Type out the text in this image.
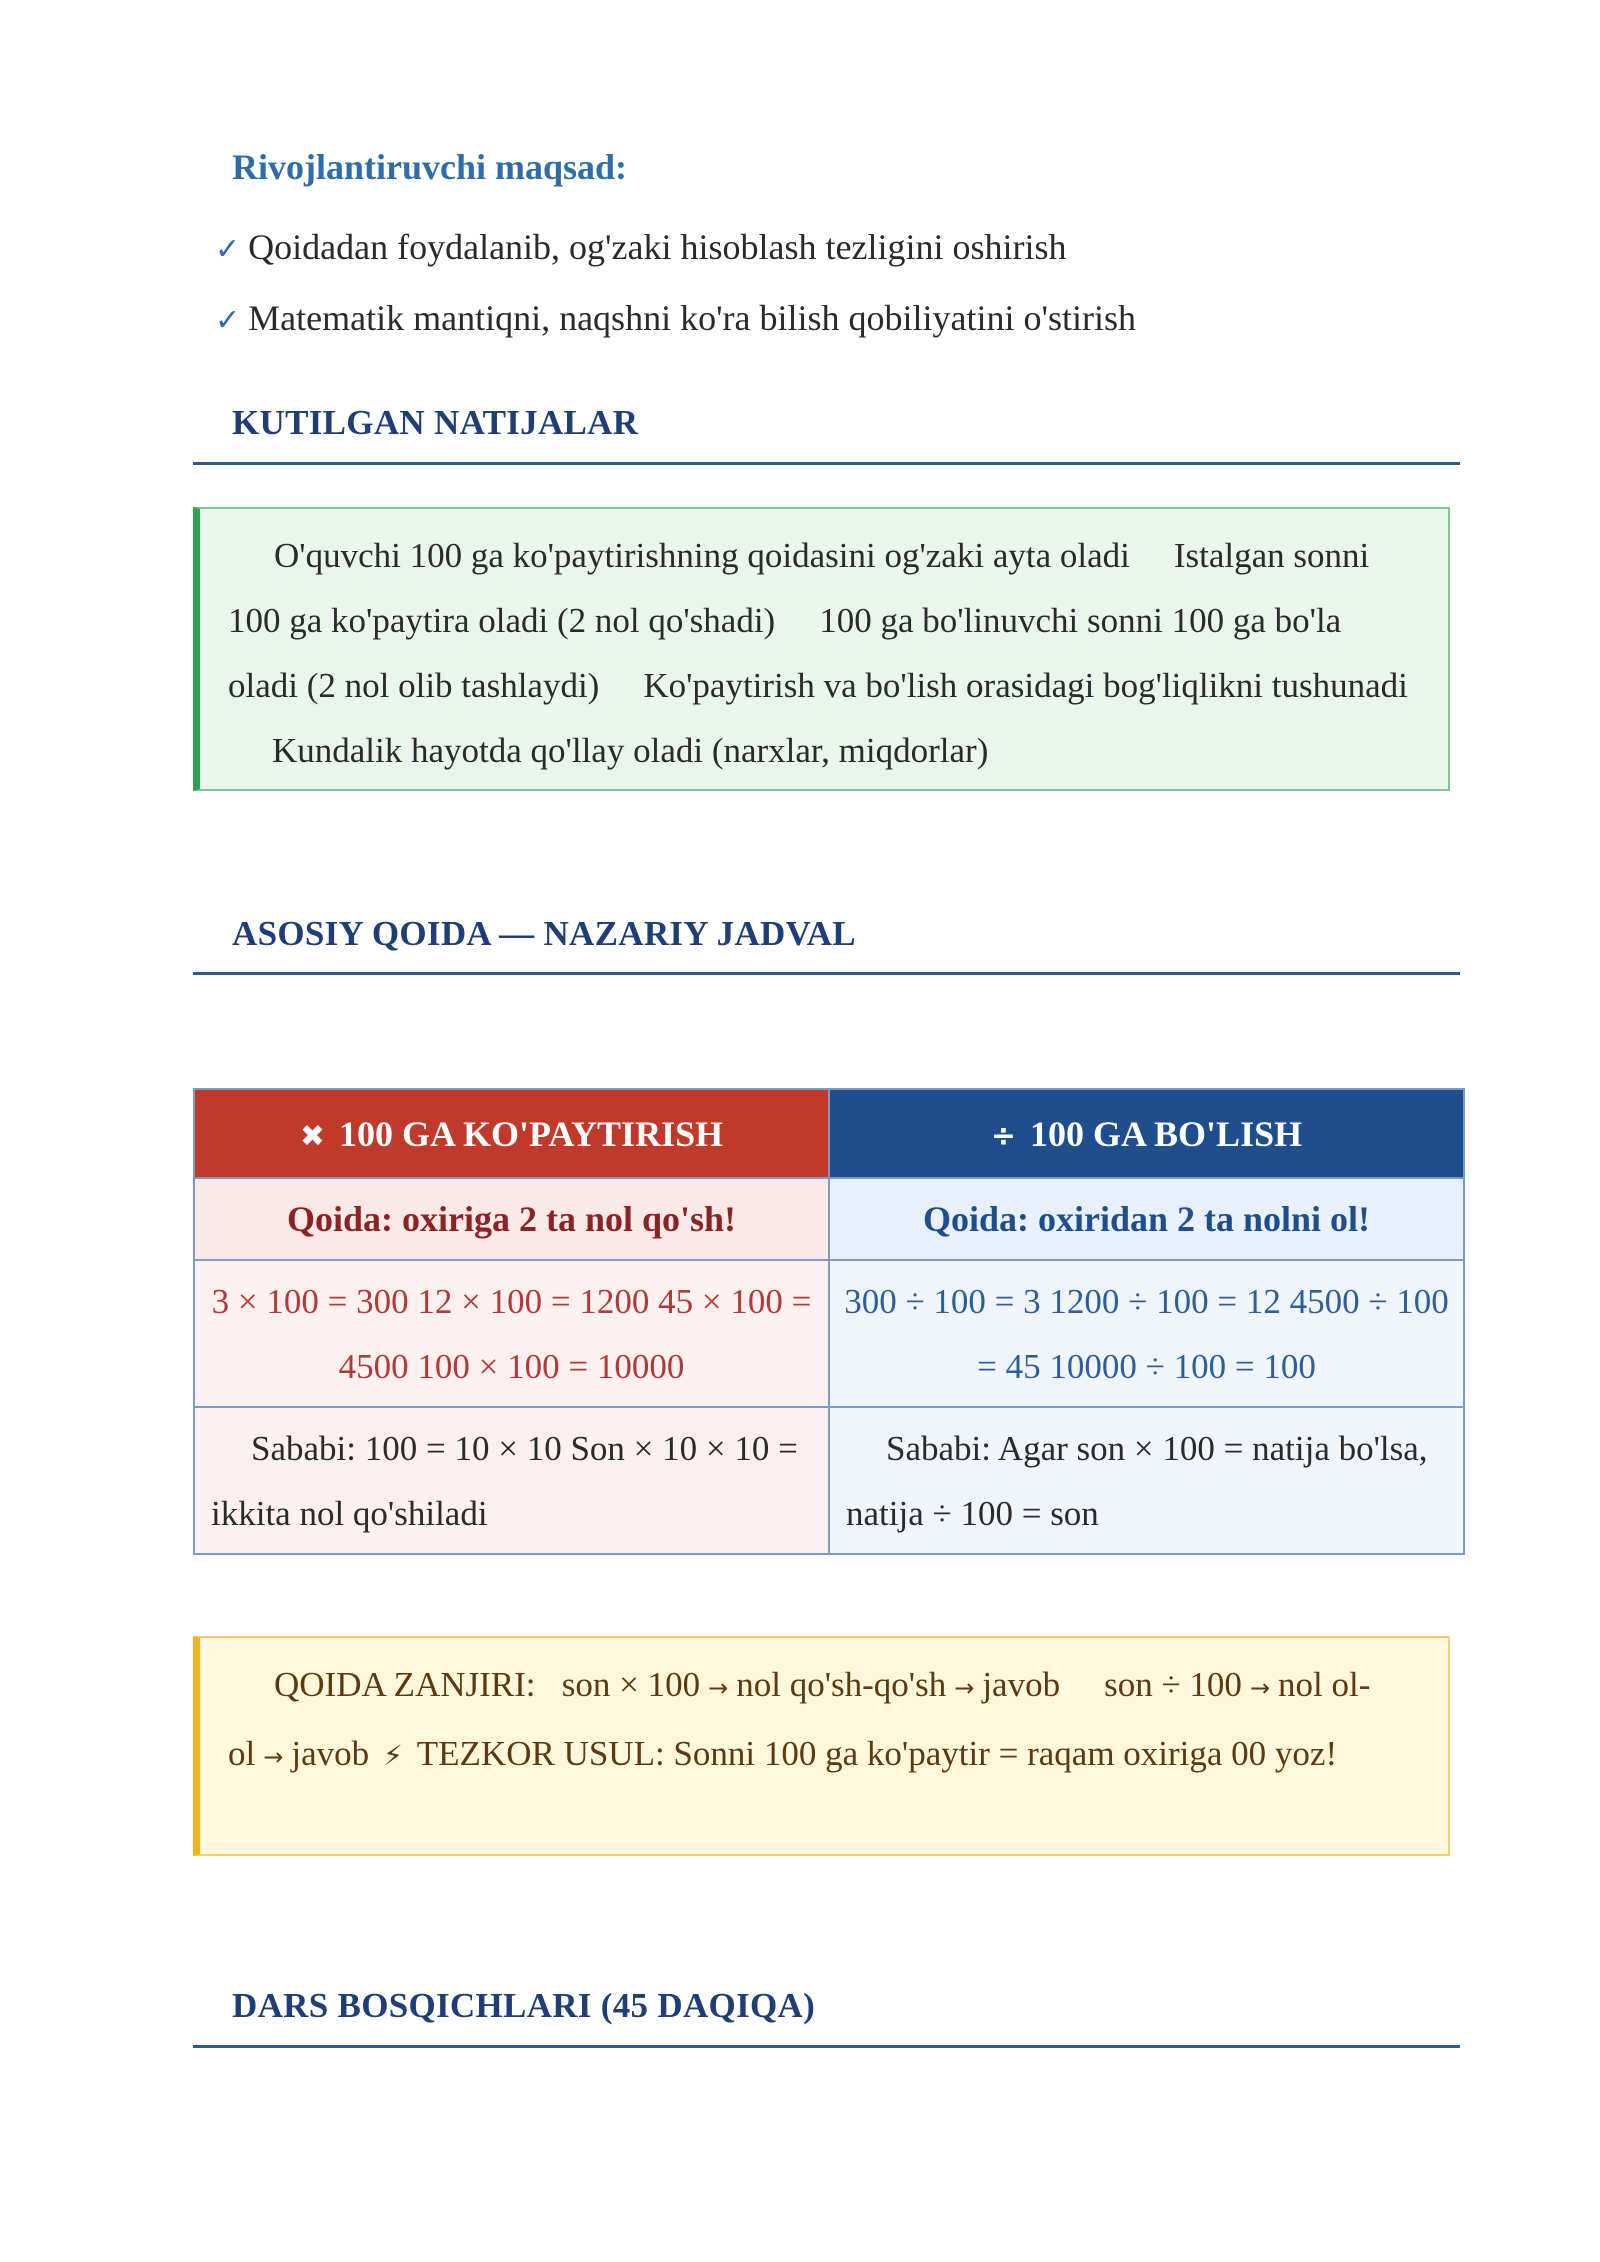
Rivojlantiruvchi maqsad:
✓ Qoidadan foydalanib, og'zaki hisoblash tezligini oshirish
✓ Matematik mantiqni, naqshni ko'ra bilish qobiliyatini o'stirish
KUTILGAN NATIJALAR
O'quvchi 100 ga ko'paytirishning qoidasini og'zaki ayta oladi Istalgan sonni 100 ga ko'paytira oladi (2 nol qo'shadi) 100 ga bo'linuvchi sonni 100 ga bo'la oladi (2 nol olib tashlaydi) Ko'paytirish va bo'lish orasidagi bog'liqlikni tushunadiKundalik hayotda qo'llay oladi (narxlar, miqdorlar)
ASOSIY QOIDA — NAZARIY JADVAL
✖ 100 GA KO'PAYTIRISH	÷ 100 GA BO'LISH
Qoida: oxiriga 2 ta nol qo'sh!	Qoida: oxiridan 2 ta nolni ol!
3 × 100 = 300 12 × 100 = 1200 45 × 100 = 4500 100 × 100 = 10000	300 ÷ 100 = 3 1200 ÷ 100 = 12 4500 ÷ 100 = 45 10000 ÷ 100 = 100
Sababi: 100 = 10 × 10 Son × 10 × 10 = ikkita nol qo'shiladi	Sababi: Agar son × 100 = natija bo'lsa, natija ÷ 100 = son
QOIDA ZANJIRI: son × 100 → nol qo'sh-qo'sh → javob son ÷ 100 → nol ol-ol → javob ⚡ TEZKOR USUL: Sonni 100 ga ko'paytir = raqam oxiriga 00 yoz!
DARS BOSQICHLARI (45 DAQIQA)
